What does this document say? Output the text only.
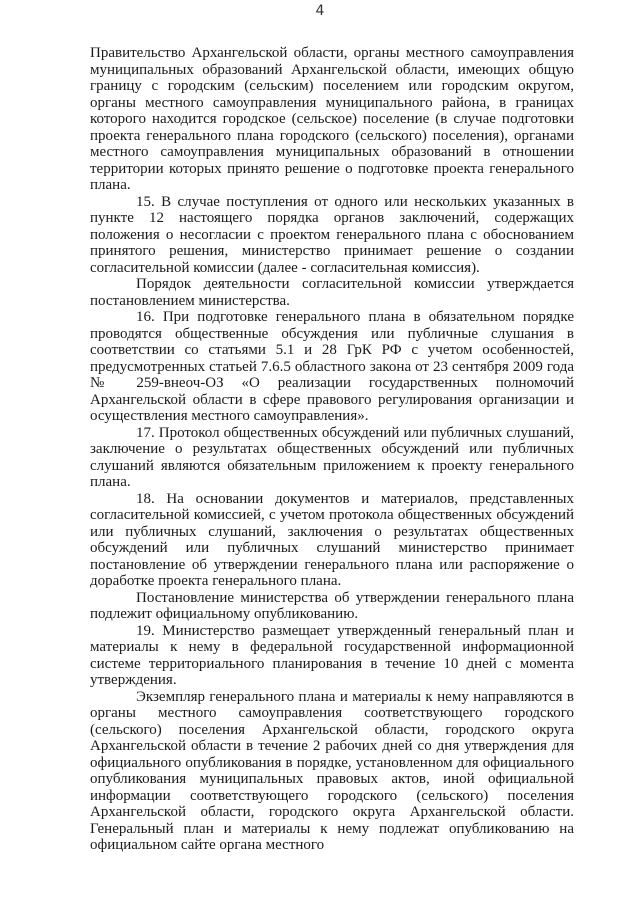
4

Правительство Архангельской области, органы местного самоуправления муниципальных образований Архангельской области, имеющих общую границу с городским (сельским) поселением или городским округом, органы местного самоуправления муниципального района, в границах которого находится городское (сельское) поселение (в случае подготовки проекта генерального плана городского (сельского) поселения), органами местного самоуправления муниципальных образований в отношении территории которых принято решение о подготовке проекта генерального плана.

15. В случае поступления от одного или нескольких указанных в пункте 12 настоящего порядка органов заключений, содержащих положения о несогласии с проектом генерального плана с обоснованием принятого решения, министерство принимает решение о создании согласительной комиссии (далее - согласительная комиссия).

Порядок деятельности согласительной комиссии утверждается постановлением министерства.

16. При подготовке генерального плана в обязательном порядке проводятся общественные обсуждения или публичные слушания в соответствии со статьями 5.1 и 28 ГрК РФ с учетом особенностей, предусмотренных статьей 7.6.5 областного закона от 23 сентября 2009 года № 259-внеоч-ОЗ «О реализации государственных полномочий Архангельской области в сфере правового регулирования организации и осуществления местного самоуправления».

17. Протокол общественных обсуждений или публичных слушаний, заключение о результатах общественных обсуждений или публичных слушаний являются обязательным приложением к проекту генерального плана.

18. На основании документов и материалов, представленных согласительной комиссией, с учетом протокола общественных обсуждений или публичных слушаний, заключения о результатах общественных обсуждений или публичных слушаний министерство принимает постановление об утверждении генерального плана или распоряжение о доработке проекта генерального плана.

Постановление министерства об утверждении генерального плана подлежит официальному опубликованию.

19. Министерство размещает утвержденный генеральный план и материалы к нему в федеральной государственной информационной системе территориального планирования в течение 10 дней с момента утверждения.

Экземпляр генерального плана и материалы к нему направляются в органы местного самоуправления соответствующего городского (сельского) поселения Архангельской области, городского округа Архангельской области в течение 2 рабочих дней со дня утверждения для официального опубликования в порядке, установленном для официального опубликования муниципальных правовых актов, иной официальной информации соответствующего городского (сельского) поселения Архангельской области, городского округа Архангельской области. Генеральный план и материалы к нему подлежат опубликованию на официальном сайте органа местного
